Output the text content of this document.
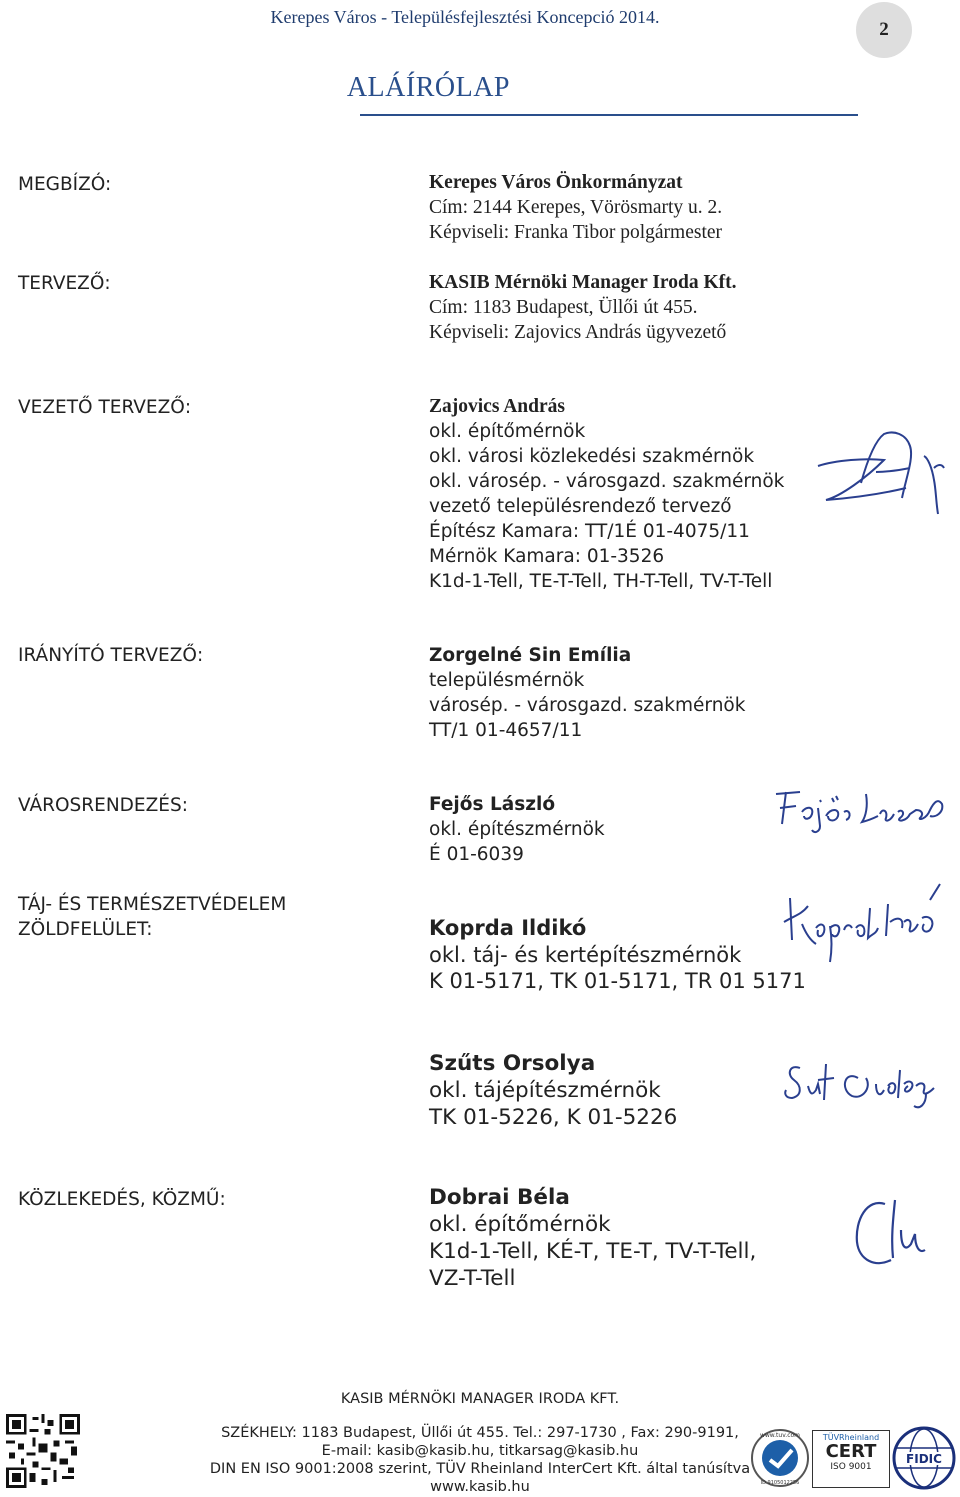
Kerepes Város - Településfejlesztési Koncepció 2014.
2
ALÁÍRÓLAP
MEGBÍZÓ:	Kerepes Város Önkormányzat
Cím: 2144 Kerepes, Vörösmarty u. 2.
Képviseli: Franka Tibor polgármester
TERVEZŐ:	KASIB Mérnöki Manager Iroda Kft.
Cím: 1183 Budapest, Üllői út 455.
Képviseli: Zajovics András ügyvezető
VEZETŐ TERVEZŐ:	Zajovics András
okl. építőmérnök
okl. városi közlekedési szakmérnök
okl. városép. - városgazd. szakmérnök
vezető településrendező tervező
Építész Kamara: TT/1É 01-4075/11
Mérnök Kamara: 01-3526
K1d-1-Tell, TE-T-Tell, TH-T-Tell, TV-T-Tell
IRÁNYÍTÓ TERVEZŐ:	Zorgelné Sin Emília
településmérnök
városép. - városgazd. szakmérnök
TT/1 01-4657/11
VÁROSRENDEZÉS:	Fejős László
okl. építészmérnök
É 01-6039
TÁJ- ÉS TERMÉSZETVÉDELEM
ZÖLDFELÜLET:	Koprda Ildikó
okl. táj- és kertépítészmérnök
K 01-5171, TK 01-5171, TR 01 5171
Szűts Orsolya
okl. tájépítészmérnök
TK 01-5226, K 01-5226
KÖZLEKEDÉS, KÖZMŰ:	Dobrai Béla
okl. építőmérnök
K1d-1-Tell, KÉ-T, TE-T, TV-T-Tell,
VZ-T-Tell
KASIB MÉRNÖKI MANAGER IRODA KFT.
SZÉKHELY: 1183 Budapest, Üllői út 455. Tel.: 297-1730 , Fax: 290-9191,
E-mail: kasib@kasib.hu, titkarsag@kasib.hu
DIN EN ISO 9001:2008 szerint, TÜV Rheinland InterCert Kft. által tanúsítva
www.kasib.hu
www.tuv.com
ID 9105012256
TÜVRheinland
CERT
ISO 9001
FIDIC
